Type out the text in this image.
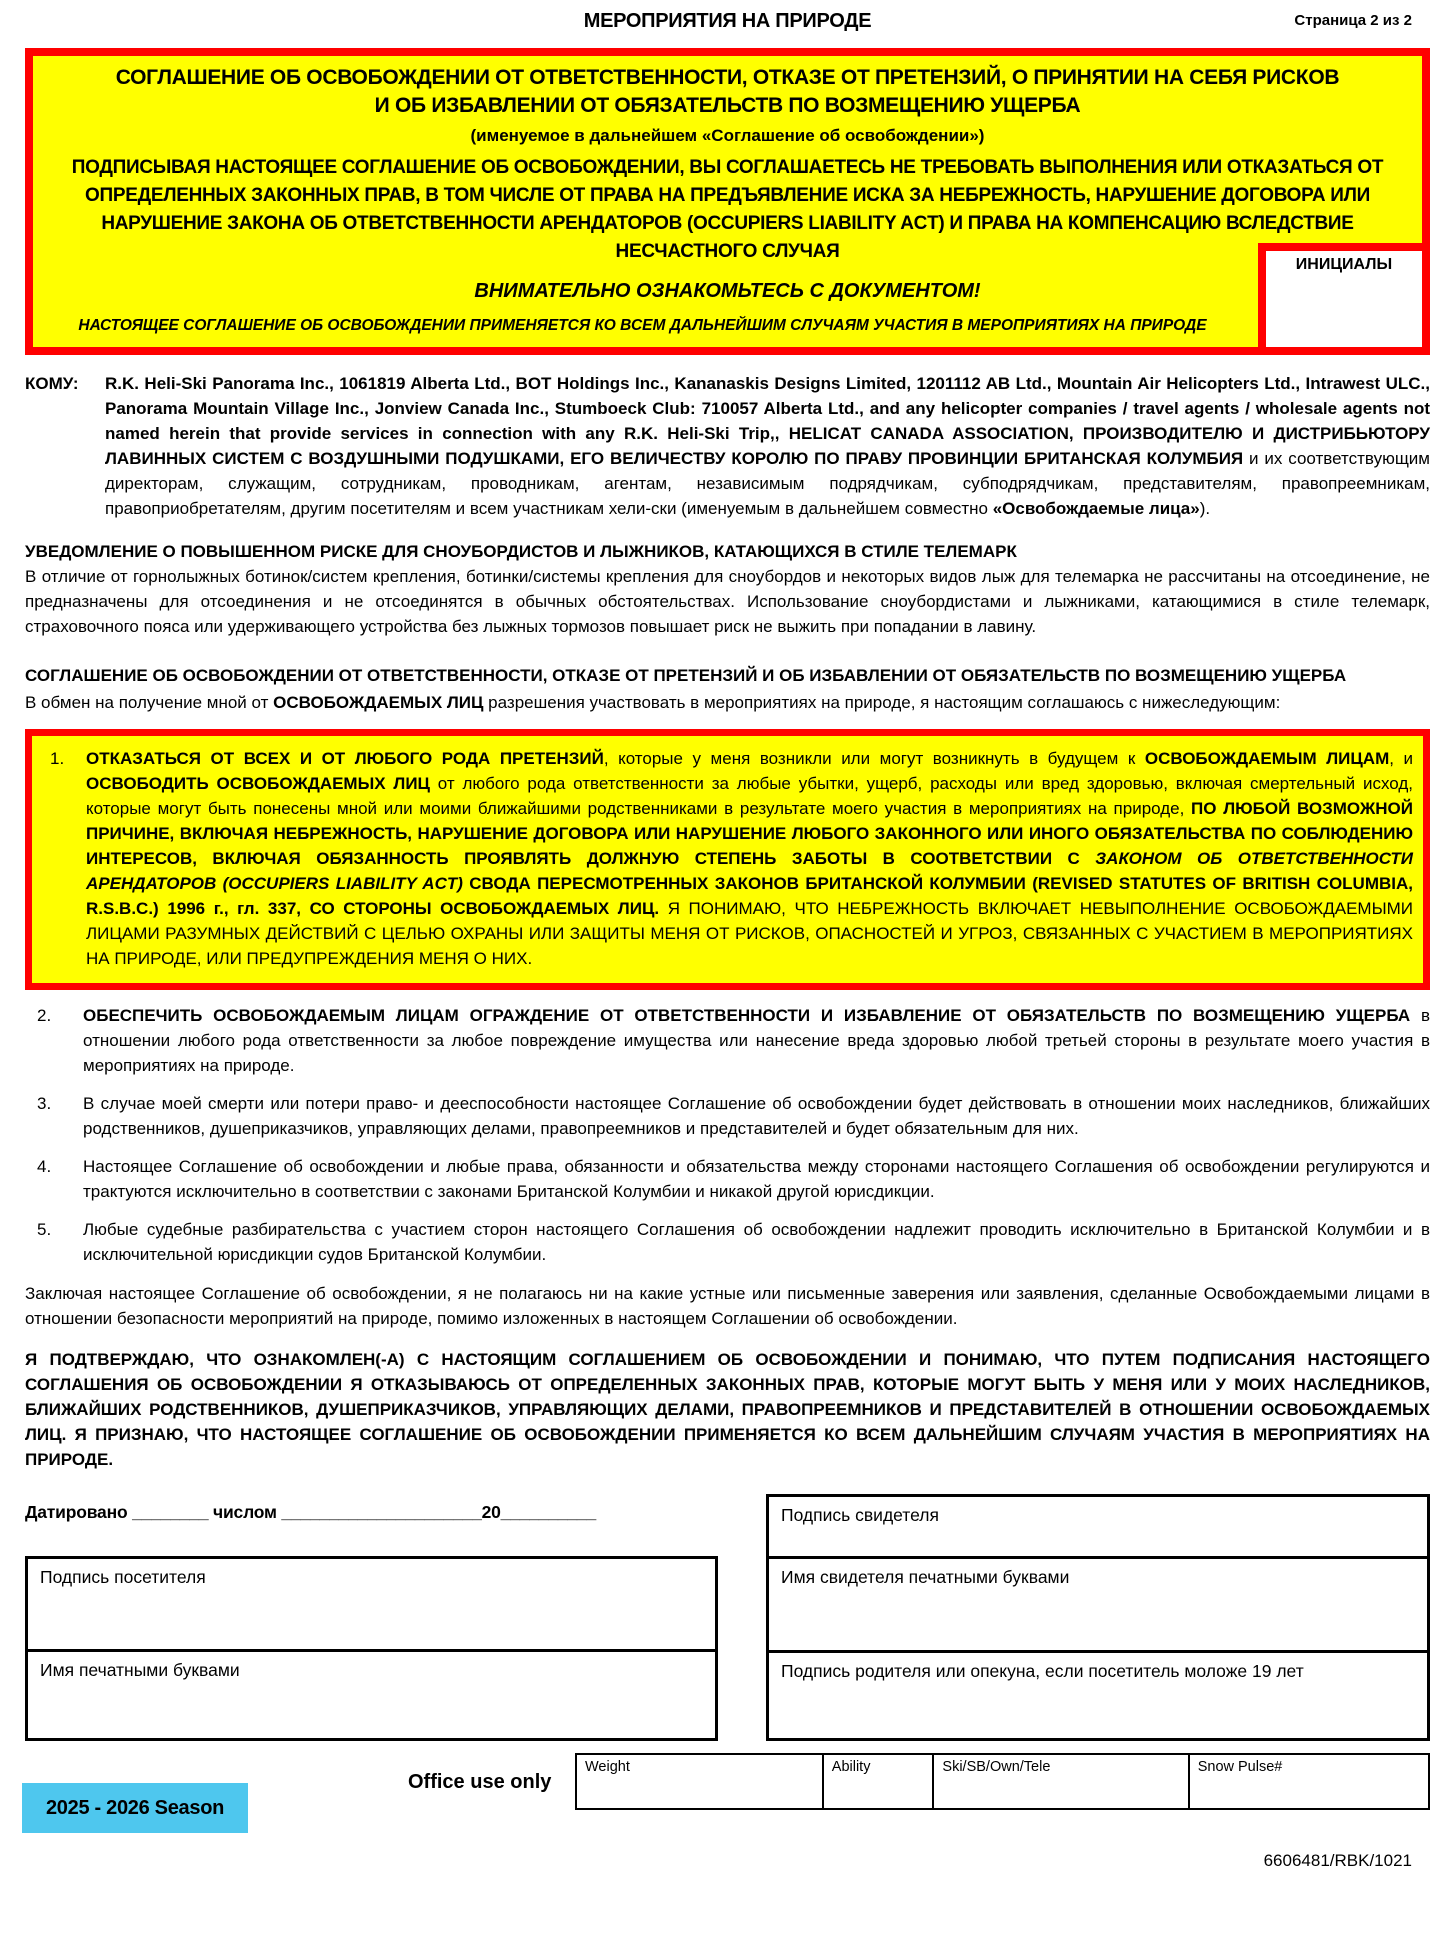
МЕРОПРИЯТИЯ НА ПРИРОДЕ	Страница 2 из 2
СОГЛАШЕНИЕ ОБ ОСВОБОЖДЕНИИ ОТ ОТВЕТСТВЕННОСТИ, ОТКАЗЕ ОТ ПРЕТЕНЗИЙ, О ПРИНЯТИИ НА СЕБЯ РИСКОВ И ОБ ИЗБАВЛЕНИИ ОТ ОБЯЗАТЕЛЬСТВ ПО ВОЗМЕЩЕНИЮ УЩЕРБА
(именуемое в дальнейшем «Соглашение об освобождении»)
ПОДПИСЫВАЯ НАСТОЯЩЕЕ СОГЛАШЕНИЕ ОБ ОСВОБОЖДЕНИИ, ВЫ СОГЛАШАЕТЕСЬ НЕ ТРЕБОВАТЬ ВЫПОЛНЕНИЯ ИЛИ ОТКАЗАТЬСЯ ОТ ОПРЕДЕЛЕННЫХ ЗАКОННЫХ ПРАВ, В ТОМ ЧИСЛЕ ОТ ПРАВА НА ПРЕДЪЯВЛЕНИЕ ИСКА ЗА НЕБРЕЖНОСТЬ, НАРУШЕНИЕ ДОГОВОРА ИЛИ НАРУШЕНИЕ ЗАКОНА ОБ ОТВЕТСТВЕННОСТИ АРЕНДАТОРОВ (OCCUPIERS LIABILITY ACT) И ПРАВА НА КОМПЕНСАЦИЮ ВСЛЕДСТВИЕ НЕСЧАСТНОГО СЛУЧАЯ
ВНИМАТЕЛЬНО ОЗНАКОМЬТЕСЬ С ДОКУМЕНТОМ!
НАСТОЯЩЕЕ СОГЛАШЕНИЕ ОБ ОСВОБОЖДЕНИИ ПРИМЕНЯЕТСЯ КО ВСЕМ ДАЛЬНЕЙШИМ СЛУЧАЯМ УЧАСТИЯ В МЕРОПРИЯТИЯХ НА ПРИРОДЕ
ИНИЦИАЛЫ
КОМУ:	R.K. Heli-Ski Panorama Inc., 1061819 Alberta Ltd., BOT Holdings Inc., Kananaskis Designs Limited, 1201112 AB Ltd., Mountain Air Helicopters Ltd., Intrawest ULC., Panorama Mountain Village Inc., Jonview Canada Inc., Stumboeck Club: 710057 Alberta Ltd., and any helicopter companies / travel agents / wholesale agents not named herein that provide services in connection with any R.K. Heli-Ski Trip,, HELICAT CANADA ASSOCIATION, ПРОИЗВОДИТЕЛЮ И ДИСТРИБЬЮТОРУ ЛАВИННЫХ СИСТЕМ С ВОЗДУШНЫМИ ПОДУШКАМИ, ЕГО ВЕЛИЧЕСТВУ КОРОЛЮ ПО ПРАВУ ПРОВИНЦИИ БРИТАНСКАЯ КОЛУМБИЯ и их соответствующим директорам, служащим, сотрудникам, проводникам, агентам, независимым подрядчикам, субподрядчикам, представителям, правопреемникам, правоприобретателям, другим посетителям и всем участникам хели-ски (именуемым в дальнейшем совместно «Освобождаемые лица»).
УВЕДОМЛЕНИЕ О ПОВЫШЕННОМ РИСКЕ ДЛЯ СНОУБОРДИСТОВ И ЛЫЖНИКОВ, КАТАЮЩИХСЯ В СТИЛЕ ТЕЛЕМАРК
В отличие от горнолыжных ботинок/систем крепления, ботинки/системы крепления для сноубордов и некоторых видов лыж для телемарка не рассчитаны на отсоединение, не предназначены для отсоединения и не отсоединятся в обычных обстоятельствах. Использование сноубордистами и лыжниками, катающимися в стиле телемарк, страховочного пояса или удерживающего устройства без лыжных тормозов повышает риск не выжить при попадании в лавину.
СОГЛАШЕНИЕ ОБ ОСВОБОЖДЕНИИ ОТ ОТВЕТСТВЕННОСТИ, ОТКАЗЕ ОТ ПРЕТЕНЗИЙ И ОБ ИЗБАВЛЕНИИ ОТ ОБЯЗАТЕЛЬСТВ ПО ВОЗМЕЩЕНИЮ УЩЕРБА
В обмен на получение мной от ОСВОБОЖДАЕМЫХ ЛИЦ разрешения участвовать в мероприятиях на природе, я настоящим соглашаюсь с нижеследующим:
1.	ОТКАЗАТЬСЯ ОТ ВСЕХ И ОТ ЛЮБОГО РОДА ПРЕТЕНЗИЙ, которые у меня возникли или могут возникнуть в будущем к ОСВОБОЖДАЕМЫМ ЛИЦАМ, и ОСВОБОДИТЬ ОСВОБОЖДАЕМЫХ ЛИЦ от любого рода ответственности за любые убытки, ущерб, расходы или вред здоровью, включая смертельный исход, которые могут быть понесены мной или моими ближайшими родственниками в результате моего участия в мероприятиях на природе, ПО ЛЮБОЙ ВОЗМОЖНОЙ ПРИЧИНЕ, ВКЛЮЧАЯ НЕБРЕЖНОСТЬ, НАРУШЕНИЕ ДОГОВОРА ИЛИ НАРУШЕНИЕ ЛЮБОГО ЗАКОННОГО ИЛИ ИНОГО ОБЯЗАТЕЛЬСТВА ПО СОБЛЮДЕНИЮ ИНТЕРЕСОВ, ВКЛЮЧАЯ ОБЯЗАННОСТЬ ПРОЯВЛЯТЬ ДОЛЖНУЮ СТЕПЕНЬ ЗАБОТЫ В СООТВЕТСТВИИ С ЗАКОНОМ ОБ ОТВЕТСТВЕННОСТИ АРЕНДАТОРОВ (OCCUPIERS LIABILITY ACT) СВОДА ПЕРЕСМОТРЕННЫХ ЗАКОНОВ БРИТАНСКОЙ КОЛУМБИИ (REVISED STATUTES OF BRITISH COLUMBIA, R.S.B.C.) 1996 г., гл. 337, СО СТОРОНЫ ОСВОБОЖДАЕМЫХ ЛИЦ. Я ПОНИМАЮ, ЧТО НЕБРЕЖНОСТЬ ВКЛЮЧАЕТ НЕВЫПОЛНЕНИЕ ОСВОБОЖДАЕМЫМИ ЛИЦАМИ РАЗУМНЫХ ДЕЙСТВИЙ С ЦЕЛЬЮ ОХРАНЫ ИЛИ ЗАЩИТЫ МЕНЯ ОТ РИСКОВ, ОПАСНОСТЕЙ И УГРОЗ, СВЯЗАННЫХ С УЧАСТИЕМ В МЕРОПРИЯТИЯХ НА ПРИРОДЕ, ИЛИ ПРЕДУПРЕЖДЕНИЯ МЕНЯ О НИХ.
2.	ОБЕСПЕЧИТЬ ОСВОБОЖДАЕМЫМ ЛИЦАМ ОГРАЖДЕНИЕ ОТ ОТВЕТСТВЕННОСТИ И ИЗБАВЛЕНИЕ ОТ ОБЯЗАТЕЛЬСТВ ПО ВОЗМЕЩЕНИЮ УЩЕРБА в отношении любого рода ответственности за любое повреждение имущества или нанесение вреда здоровью любой третьей стороны в результате моего участия в мероприятиях на природе.
3.	В случае моей смерти или потери право- и дееспособности настоящее Соглашение об освобождении будет действовать в отношении моих наследников, ближайших родственников, душеприказчиков, управляющих делами, правопреемников и представителей и будет обязательным для них.
4.	Настоящее Соглашение об освобождении и любые права, обязанности и обязательства между сторонами настоящего Соглашения об освобождении регулируются и трактуются исключительно в соответствии с законами Британской Колумбии и никакой другой юрисдикции.
5.	Любые судебные разбирательства с участием сторон настоящего Соглашения об освобождении надлежит проводить исключительно в Британской Колумбии и в исключительной юрисдикции судов Британской Колумбии.
Заключая настоящее Соглашение об освобождении, я не полагаюсь ни на какие устные или письменные заверения или заявления, сделанные Освобождаемыми лицами в отношении безопасности мероприятий на природе, помимо изложенных в настоящем Соглашении об освобождении.
Я ПОДТВЕРЖДАЮ, ЧТО ОЗНАКОМЛЕН(-А) С НАСТОЯЩИМ СОГЛАШЕНИЕМ ОБ ОСВОБОЖДЕНИИ И ПОНИМАЮ, ЧТО ПУТЕМ ПОДПИСАНИЯ НАСТОЯЩЕГО СОГЛАШЕНИЯ ОБ ОСВОБОЖДЕНИИ Я ОТКАЗЫВАЮСЬ ОТ ОПРЕДЕЛЕННЫХ ЗАКОННЫХ ПРАВ, КОТОРЫЕ МОГУТ БЫТЬ У МЕНЯ ИЛИ У МОИХ НАСЛЕДНИКОВ, БЛИЖАЙШИХ РОДСТВЕННИКОВ, ДУШЕПРИКАЗЧИКОВ, УПРАВЛЯЮЩИХ ДЕЛАМИ, ПРАВОПРЕЕМНИКОВ И ПРЕДСТАВИТЕЛЕЙ В ОТНОШЕНИИ ОСВОБОЖДАЕМЫХ ЛИЦ. Я ПРИЗНАЮ, ЧТО НАСТОЯЩЕЕ СОГЛАШЕНИЕ ОБ ОСВОБОЖДЕНИИ ПРИМЕНЯЕТСЯ КО ВСЕМ ДАЛЬНЕЙШИМ СЛУЧАЯМ УЧАСТИЯ В МЕРОПРИЯТИЯХ НА ПРИРОДЕ.
Датировано ________ числом _____________________20__________
Подпись посетителя
Имя печатными буквами
Подпись свидетеля
Имя свидетеля печатными буквами
Подпись родителя или опекуна, если посетитель моложе 19 лет
Office use only
Weight	Ability	Ski/SB/Own/Tele	Snow Pulse#
2025 - 2026 Season
6606481/RBK/1021
